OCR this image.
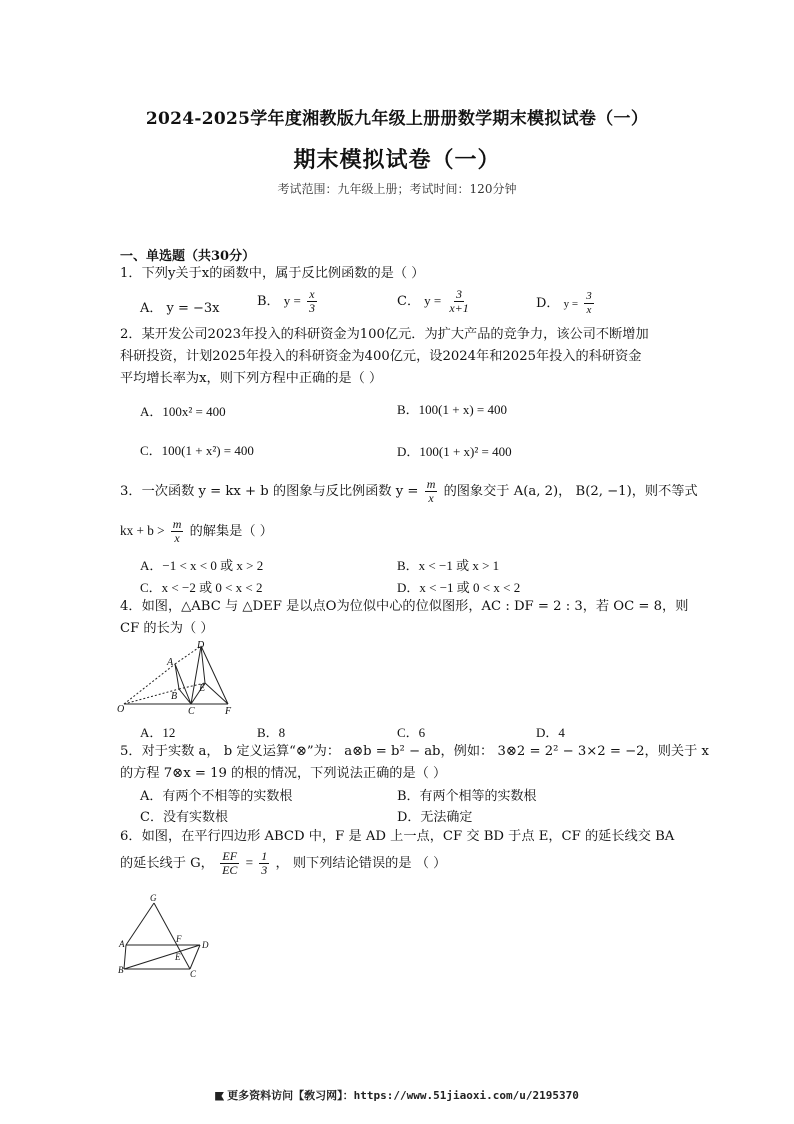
2024-2025学年度湘教版九年级上册册数学期末模拟试卷（一）
期末模拟试卷（一）
考试范围：九年级上册；考试时间：120分钟
一、单选题（共30分）
1．下列y关于x的函数中，属于反比例函数的是（ ）
A． y = −3x	B． $y = \frac{x}{3}$	C． $y = \frac{3}{x+1}$	D． $y = \frac{3}{x}$
2．某开发公司2023年投入的科研资金为100亿元．为扩大产品的竞争力，该公司不断增加
科研投资，计划2025年投入的科研资金为400亿元，设2024年和2025年投入的科研资金
平均增长率为x，则下列方程中正确的是（ ）
A．100x² = 400	B．100(1 + x) = 400
C．100(1 + x²) = 400	D．100(1 + x)² = 400
3．一次函数 y = kx + b 的图象与反比例函数 $y = \frac{m}{x}$ 的图象交于 A(a, 2)， B(2, −1)，则不等式
kx + $b > \frac{m}{x}$ 的解集是（ ）
A．−1 < x < 0 或 x > 2	B．x < −1 或 x > 1
C．x < −2 或 0 < x < 2	D．x < −1 或 0 < x < 2
4．如图，△ABC 与 △DEF 是以点O为位似中心的位似图形，AC : DF = 2 : 3，若 OC = 8，则
CF 的长为（ ）
D
A
E
B
O	C	F
A．12	B．8	C．6	D．4
5．对于实数 a， b 定义运算“⊗”为： a⊗b = b² − ab，例如： 3⊗2 = 2² − 3×2 = −2，则关于 x
的方程 7⊗x = 19 的根的情况，下列说法正确的是（ ）
A．有两个不相等的实数根	B．有两个相等的实数根
C．没有实数根	D．无法确定
6．如图，在平行四边形 ABCD 中，F 是 AD 上一点，CF 交 BD 于点 E，CF 的延长线交 BA
的延长线于 G， $\frac{EF}{EC} = \frac{1}{3}$ ， 则下列结论错误的是 （ ）
G
A	F
D
E
B	C
更多资料访问【敎习网】：https://www.51jiaoxi.com/u/2195370
